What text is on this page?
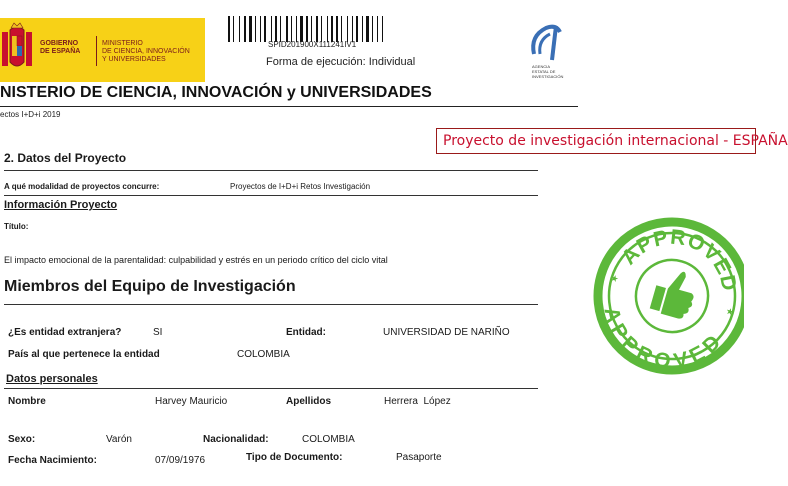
GOBIERNO
DE ESPAÑA
MINISTERIO
DE CIENCIA, INNOVACIÓN
Y UNIVERSIDADES
SPID201900X111241IV1
Forma de ejecución: Individual	AGENCIA
ESTATAL DE
INVESTIGACIÓN
NISTERIO DE CIENCIA, INNOVACIÓN y UNIVERSIDADES
ectos I+D+i 2019
Proyecto de investigación internacional - ESPAÑA
2. Datos del Proyecto
A qué modalidad de proyectos concurre:	Proyectos de I+D+i Retos Investigación
Información Proyecto
Título:
El impacto emocional de la parentalidad: culpabilidad y estrés en un periodo crítico del ciclo vital
Miembros del Equipo de Investigación
¿Es entidad extranjera?	SI	Entidad:	UNIVERSIDAD DE NARIÑO
País al que pertenece la entidad	COLOMBIA
Datos personales
Nombre	Harvey Mauricio	Apellidos	Herrera  López
Sexo:	Varón	Nacionalidad:	COLOMBIA
Fecha Nacimiento:	07/09/1976	Tipo de Documento:	Pasaporte
APPROVED
APPROVED
★
★
